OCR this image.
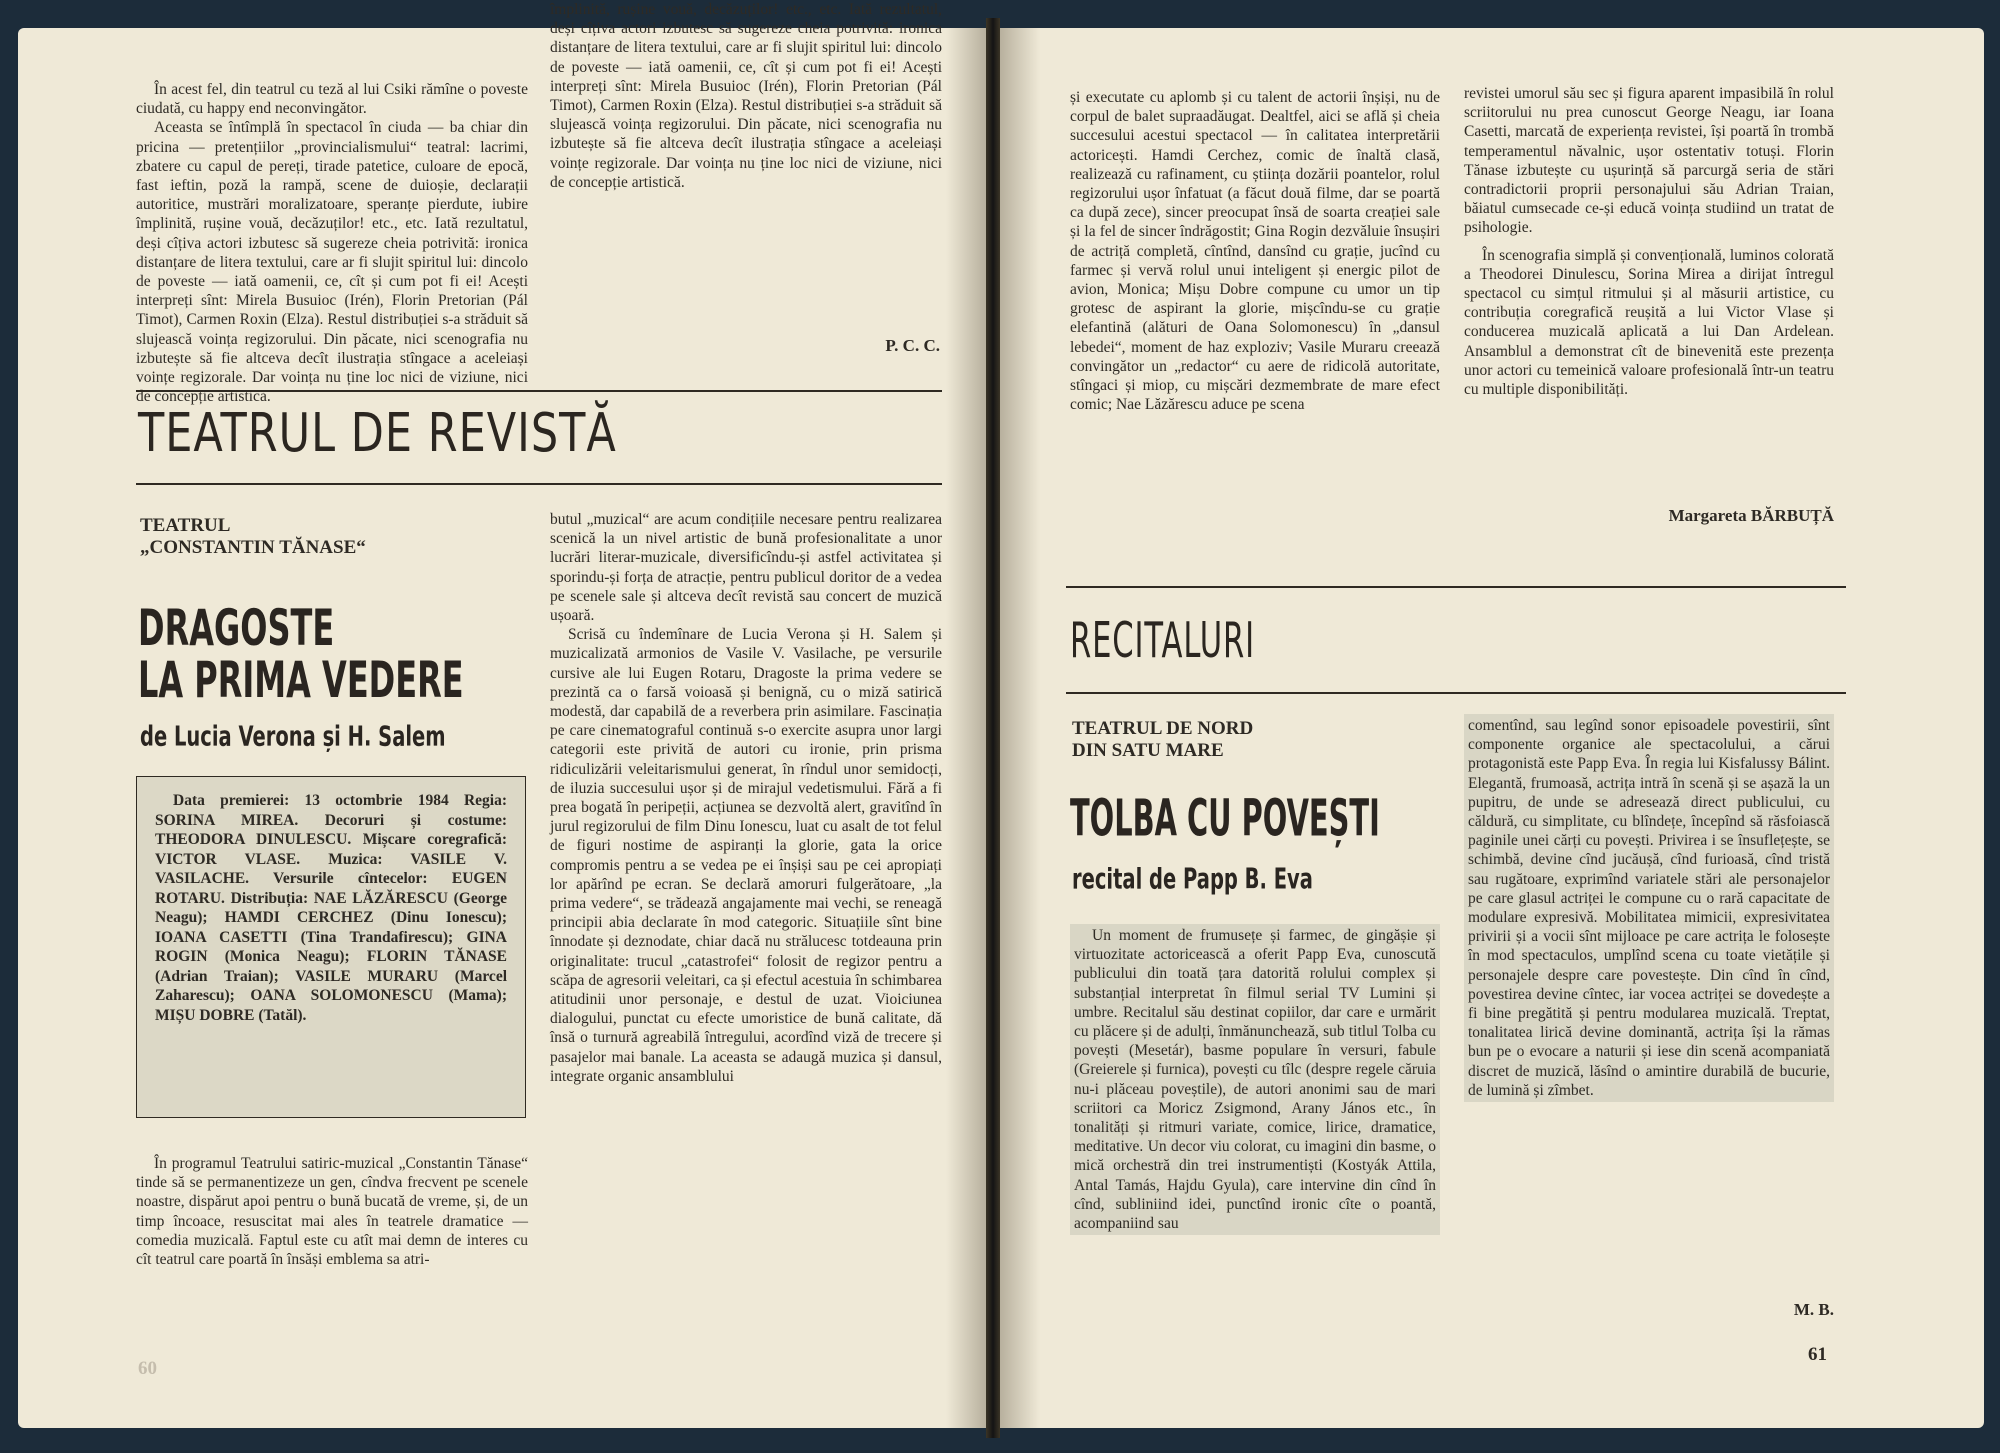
În acest fel, din teatrul cu teză al lui Csiki rămîne o poveste ciudată, cu happy end neconvingător.

Aceasta se întîmplă în spectacol în ciuda — ba chiar din pricina — pretențiilor „provincialismului“ teatral: lacrimi, zbatere cu capul de pereți, tirade patetice, culoare de epocă, fast ieftin, poză la rampă, scene de duioșie, declarații autoritice, mustrări moralizatoare, speranțe pierdute, iubire împlinită, rușine vouă, decăzuților! etc., etc. Iată rezultatul, deși cîțiva actori izbutesc să sugereze cheia potrivită: ironica distanțare de litera textului, care ar fi slujit spiritul lui: dincolo de poveste — iată oamenii, ce, cît și cum pot fi ei! Acești interpreți sînt: Mirela Busuioc (Irén), Florin Pretorian (Pál Timot), Carmen Roxin (Elza). Restul distribuției s-a străduit să slujească voința regizorului. Din păcate, nici scenografia nu izbutește să fie altceva decît ilustrația stîngace a aceleiași voințe regizorale. Dar voința nu ține loc nici de viziune, nici de concepție artistică.

împlinită, rușine vouă, decăzuților! etc., etc. Iată rezultatul, deși cîțiva actori izbutesc să sugereze cheia potrivită: ironica distanțare de litera textului, care ar fi slujit spiritul lui: dincolo de poveste — iată oamenii, ce, cît și cum pot fi ei! Acești interpreți sînt: Mirela Busuioc (Irén), Florin Pretorian (Pál Timot), Carmen Roxin (Elza). Restul distribuției s-a străduit să slujească voința regizorului. Din păcate, nici scenografia nu izbutește să fie altceva decît ilustrația stîngace a aceleiași voințe regizorale. Dar voința nu ține loc nici de viziune, nici de concepție artistică.

P. C. C.
TEATRUL DE REVISTĂ
TEATRUL
„CONSTANTIN TĂNASE“
DRAGOSTE
LA PRIMA VEDERE
de Lucia Verona și H. Salem

Data premierei: 13 octombrie 1984 Regia: SORINA MIREA. Decoruri și costume: THEODORA DINULESCU. Mișcare coregrafică: VICTOR VLASE. Muzica: VASILE V. VASILACHE. Versurile cîntecelor: EUGEN ROTARU. Distribuția: NAE LĂZĂRESCU (George Neagu); HAMDI CERCHEZ (Dinu Ionescu); IOANA CASETTI (Tina Trandafirescu); GINA ROGIN (Monica Neagu); FLORIN TĂNASE (Adrian Traian); VASILE MURARU (Marcel Zaharescu); OANA SOLOMONESCU (Mama); MIȘU DOBRE (Tatăl).

În programul Teatrului satiric-muzical „Constantin Tănase“ tinde să se permanentizeze un gen, cîndva frecvent pe scenele noastre, dispărut apoi pentru o bună bucată de vreme, și, de un timp încoace, resuscitat mai ales în teatrele dramatice — comedia muzicală. Faptul este cu atît mai demn de interes cu cît teatrul care poartă în însăși emblema sa atri-

butul „muzical“ are acum condițiile necesare pentru realizarea scenică la un nivel artistic de bună profesionalitate a unor lucrări literar-muzicale, diversificîndu-și astfel activitatea și sporindu-și forța de atracție, pentru publicul doritor de a vedea pe scenele sale și altceva decît revistă sau concert de muzică ușoară.

Scrisă cu îndemînare de Lucia Verona și H. Salem și muzicalizată armonios de Vasile V. Vasilache, pe versurile cursive ale lui Eugen Rotaru, Dragoste la prima vedere se prezintă ca o farsă voioasă și benignă, cu o miză satirică modestă, dar capabilă de a reverbera prin asimilare. Fascinația pe care cinematograful continuă s-o exercite asupra unor largi categorii este privită de autori cu ironie, prin prisma ridiculizării veleitarismului generat, în rîndul unor semidocți, de iluzia succesului ușor și de mirajul vedetismului. Fără a fi prea bogată în peripeții, acțiunea se dezvoltă alert, gravitînd în jurul regizorului de film Dinu Ionescu, luat cu asalt de tot felul de figuri nostime de aspiranți la glorie, gata la orice compromis pentru a se vedea pe ei înșiși sau pe cei apropiați lor apărînd pe ecran. Se declară amoruri fulgerătoare, „la prima vedere“, se trădează angajamente mai vechi, se reneagă principii abia declarate în mod categoric. Situațiile sînt bine înnodate și deznodate, chiar dacă nu strălucesc totdeauna prin originalitate: trucul „catastrofei“ folosit de regizor pentru a scăpa de agresorii veleitari, ca și efectul acestuia în schimbarea atitudinii unor personaje, e destul de uzat. Vioiciunea dialogului, punctat cu efecte umoristice de bună calitate, dă însă o turnură agreabilă întregului, acordînd viză de trecere și pasajelor mai banale. La aceasta se adaugă muzica și dansul, integrate organic ansamblului

60

și executate cu aplomb și cu talent de actorii înșiși, nu de corpul de balet supraadăugat. Dealtfel, aici se află și cheia succesului acestui spectacol — în calitatea interpretării actoricești. Hamdi Cerchez, comic de înaltă clasă, realizează cu rafinament, cu știința dozării poantelor, rolul regizorului ușor înfatuat (a făcut două filme, dar se poartă ca după zece), sincer preocupat însă de soarta creației sale și la fel de sincer îndrăgostit; Gina Rogin dezvăluie însușiri de actriță completă, cîntînd, dansînd cu grație, jucînd cu farmec și vervă rolul unui inteligent și energic pilot de avion, Monica; Mișu Dobre compune cu umor un tip grotesc de aspirant la glorie, mișcîndu-se cu grație elefantină (alături de Oana Solomonescu) în „dansul lebedei“, moment de haz exploziv; Vasile Muraru creează convingător un „redactor“ cu aere de ridicolă autoritate, stîngaci și miop, cu mișcări dezmembrate de mare efect comic; Nae Lăzărescu aduce pe scena

revistei umorul său sec și figura aparent impasibilă în rolul scriitorului nu prea cunoscut George Neagu, iar Ioana Casetti, marcată de experiența revistei, își poartă în trombă temperamentul năvalnic, ușor ostentativ totuși. Florin Tănase izbutește cu ușurință să parcurgă seria de stări contradictorii proprii personajului său Adrian Traian, băiatul cumsecade ce-și educă voința studiind un tratat de psihologie.

În scenografia simplă și convențională, luminos colorată a Theodorei Dinulescu, Sorina Mirea a dirijat întregul spectacol cu simțul ritmului și al măsurii artistice, cu contribuția coregrafică reușită a lui Victor Vlase și conducerea muzicală aplicată a lui Dan Ardelean. Ansamblul a demonstrat cît de binevenită este prezența unor actori cu temeinică valoare profesională într-un teatru cu multiple disponibilități.

Margareta BĂRBUȚĂ
RECITALURI
TEATRUL DE NORD
DIN SATU MARE
TOLBA CU POVEȘTI
recital de Papp B. Eva

Un moment de frumusețe și farmec, de gingășie și virtuozitate actoricească a oferit Papp Eva, cunoscută publicului din toată țara datorită rolului complex și substanțial interpretat în filmul serial TV Lumini și umbre. Recitalul său destinat copiilor, dar care e urmărit cu plăcere și de adulți, înmănunchează, sub titlul Tolba cu povești (Mesetár), basme populare în versuri, fabule (Greierele și furnica), povești cu tîlc (despre regele căruia nu-i plăceau poveștile), de autori anonimi sau de mari scriitori ca Moricz Zsigmond, Arany János etc., în tonalități și ritmuri variate, comice, lirice, dramatice, meditative. Un decor viu colorat, cu imagini din basme, o mică orchestră din trei instrumentiști (Kostyák Attila, Antal Tamás, Hajdu Gyula), care intervine din cînd în cînd, subliniind idei, punctînd ironic cîte o poantă, acompaniind sau

comentînd, sau legînd sonor episoadele povestirii, sînt componente organice ale spectacolului, a cărui protagonistă este Papp Eva. În regia lui Kisfalussy Bálint. Elegantă, frumoasă, actrița intră în scenă și se așază la un pupitru, de unde se adresează direct publicului, cu căldură, cu simplitate, cu blîndețe, începînd să răsfoiască paginile unei cărți cu povești. Privirea i se însuflețește, se schimbă, devine cînd jucăușă, cînd furioasă, cînd tristă sau rugătoare, exprimînd variatele stări ale personajelor pe care glasul actriței le compune cu o rară capacitate de modulare expresivă. Mobilitatea mimicii, expresivitatea privirii și a vocii sînt mijloace pe care actrița le folosește în mod spectaculos, umplînd scena cu toate vietățile și personajele despre care povestește. Din cînd în cînd, povestirea devine cîntec, iar vocea actriței se dovedește a fi bine pregătită și pentru modularea muzicală. Treptat, tonalitatea lirică devine dominantă, actrița își la rămas bun pe o evocare a naturii și iese din scenă acompaniată discret de muzică, lăsînd o amintire durabilă de bucurie, de lumină și zîmbet.

M. B.
61
